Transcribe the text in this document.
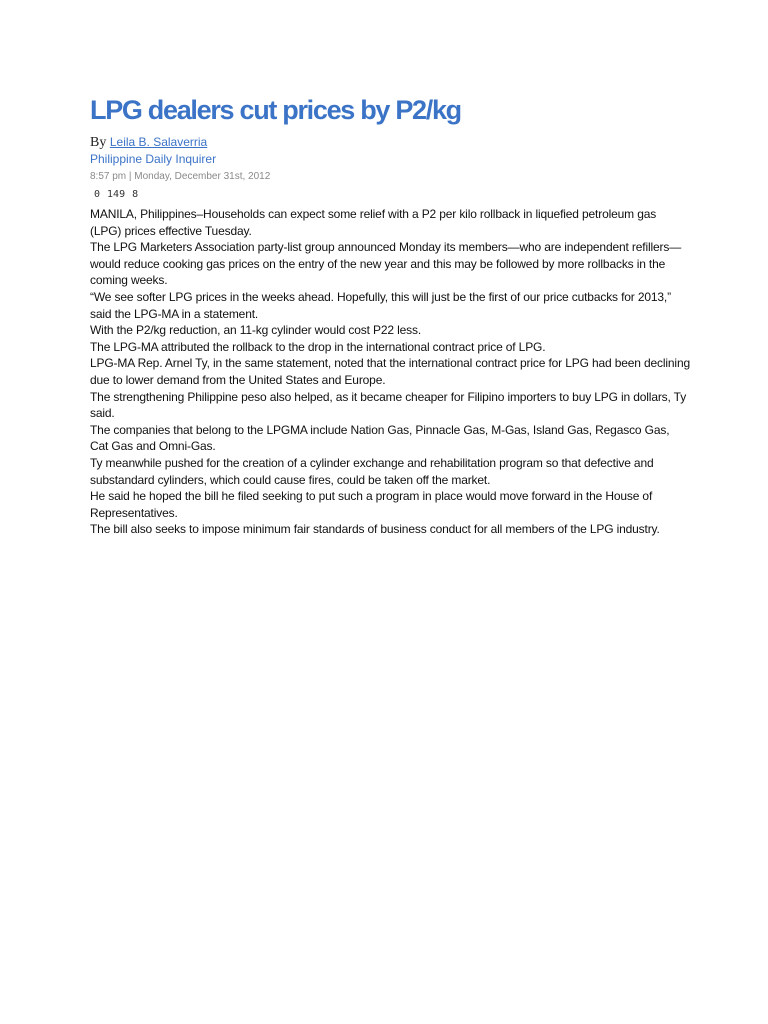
LPG dealers cut prices by P2/kg
By Leila B. Salaverria
Philippine Daily Inquirer
8:57 pm | Monday, December 31st, 2012
0 149 8

MANILA, Philippines–Households can expect some relief with a P2 per kilo rollback in liquefied petroleum gas (LPG) prices effective Tuesday.

The LPG Marketers Association party-list group announced Monday its members—who are independent refillers—would reduce cooking gas prices on the entry of the new year and this may be followed by more rollbacks in the coming weeks.

“We see softer LPG prices in the weeks ahead. Hopefully, this will just be the first of our price cutbacks for 2013,” said the LPG-MA in a statement.

With the P2/kg reduction, an 11-kg cylinder would cost P22 less.

The LPG-MA attributed the rollback to the drop in the international contract price of LPG.

LPG-MA Rep. Arnel Ty, in the same statement, noted that the international contract price for LPG had been declining due to lower demand from the United States and Europe.

The strengthening Philippine peso also helped, as it became cheaper for Filipino importers to buy LPG in dollars, Ty said.

The companies that belong to the LPGMA include Nation Gas, Pinnacle Gas, M-Gas, Island Gas, Regasco Gas, Cat Gas and Omni-Gas.

Ty meanwhile pushed for the creation of a cylinder exchange and rehabilitation program so that defective and substandard cylinders, which could cause fires, could be taken off the market.

He said he hoped the bill he filed seeking to put such a program in place would move forward in the House of Representatives.

The bill also seeks to impose minimum fair standards of business conduct for all members of the LPG industry.
